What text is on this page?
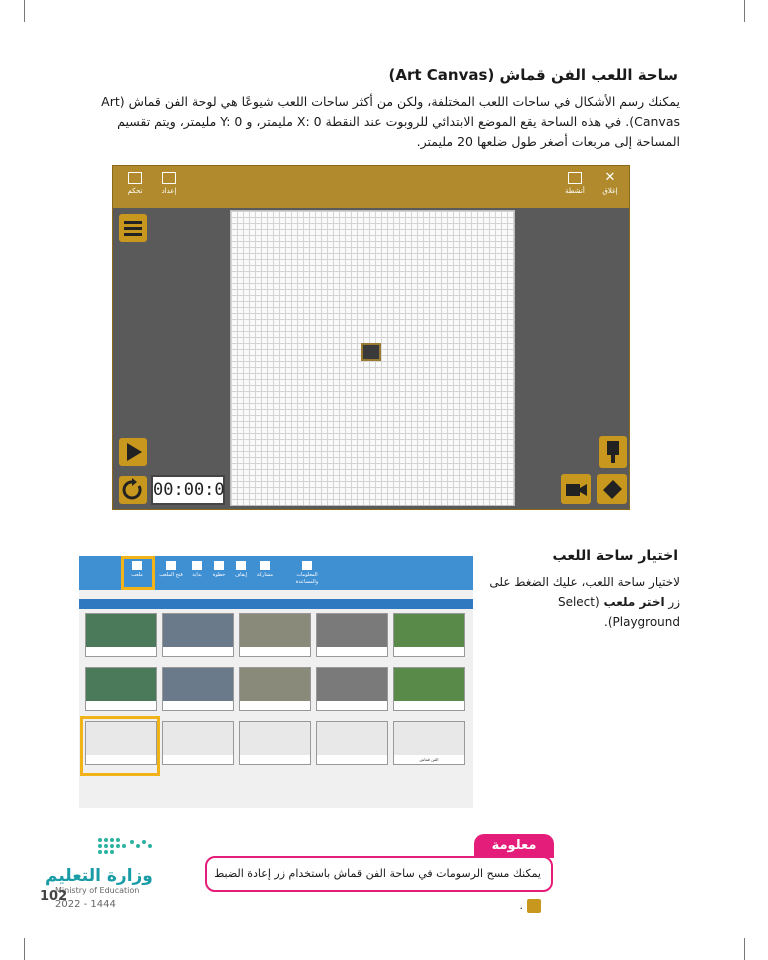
ساحة اللعب الفن قماش (Art Canvas)
يمكنك رسم الأشكال في ساحات اللعب المختلفة، ولكن من أكثر ساحات اللعب شيوعًا هي لوحة الفن قماش (Art Canvas). في هذه الساحة يقع الموضع الابتدائي للروبوت عند النقطة X: 0 مليمتر، و Y: 0 مليمتر، ويتم تقسيم المساحة إلى مربعات أصغر طول ضلعها 20 مليمتر.
✕
إغلاق
أنشطة
إعداد
تحكم
00:00:0
ملعب	فتح الملعب	بداية	خطوة	إيقاف	مشاركة	المعلومات والمساعدة
الفن قماش
اختيار ساحة اللعب
لاختيار ساحة اللعب، عليك الضغط على زر اختر ملعب (Select Playground).
معلومة
يمكنك مسح الرسومات في ساحة الفن قماش باستخدام زر إعادة الضبط .
وزارة التعليم
Ministry of Education
2022 - 1444
102
